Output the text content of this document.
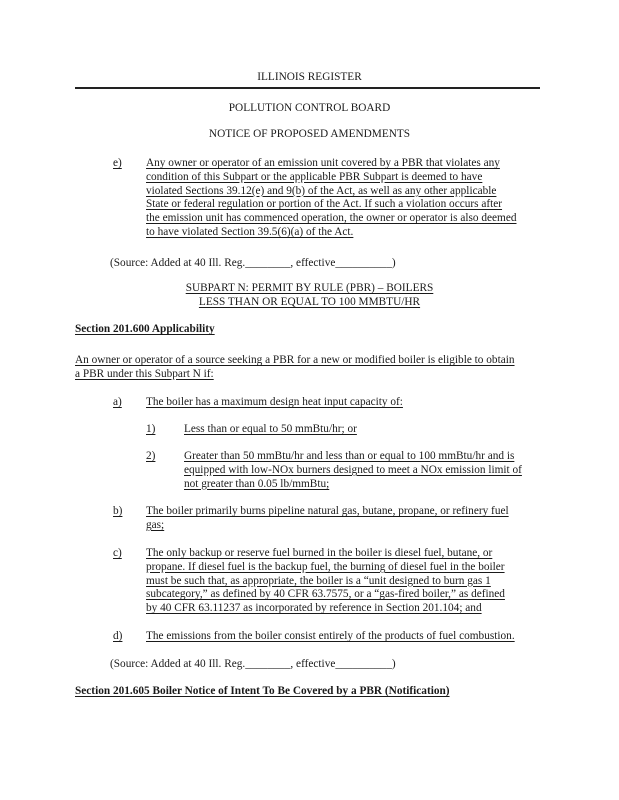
ILLINOIS REGISTER
POLLUTION CONTROL BOARD
NOTICE OF PROPOSED AMENDMENTS
e) Any owner or operator of an emission unit covered by a PBR that violates any
condition of this Subpart or the applicable PBR Subpart is deemed to have
violated Sections 39.12(e) and 9(b) of the Act, as well as any other applicable
State or federal regulation or portion of the Act. If such a violation occurs after
the emission unit has commenced operation, the owner or operator is also deemed
to have violated Section 39.5(6)(a) of the Act.
(Source: Added at 40 Ill. Reg.________, effective__________)
SUBPART N: PERMIT BY RULE (PBR) – BOILERS
LESS THAN OR EQUAL TO 100 MMBTU/HR
Section 201.600 Applicability
An owner or operator of a source seeking a PBR for a new or modified boiler is eligible to obtain
a PBR under this Subpart N if:
a) The boiler has a maximum design heat input capacity of:
1)	Less than or equal to 50 mmBtu/hr; or
2)	Greater than 50 mmBtu/hr and less than or equal to 100 mmBtu/hr and is
equipped with low-NOx burners designed to meet a NOx emission limit of
not greater than 0.05 lb/mmBtu;
b) The boiler primarily burns pipeline natural gas, butane, propane, or refinery fuel
gas;
c) The only backup or reserve fuel burned in the boiler is diesel fuel, butane, or
propane. If diesel fuel is the backup fuel, the burning of diesel fuel in the boiler
must be such that, as appropriate, the boiler is a “unit designed to burn gas 1
subcategory,” as defined by 40 CFR 63.7575, or a “gas-fired boiler,” as defined
by 40 CFR 63.11237 as incorporated by reference in Section 201.104; and
d) The emissions from the boiler consist entirely of the products of fuel combustion.
(Source: Added at 40 Ill. Reg.________, effective__________)
Section 201.605 Boiler Notice of Intent To Be Covered by a PBR (Notification)
